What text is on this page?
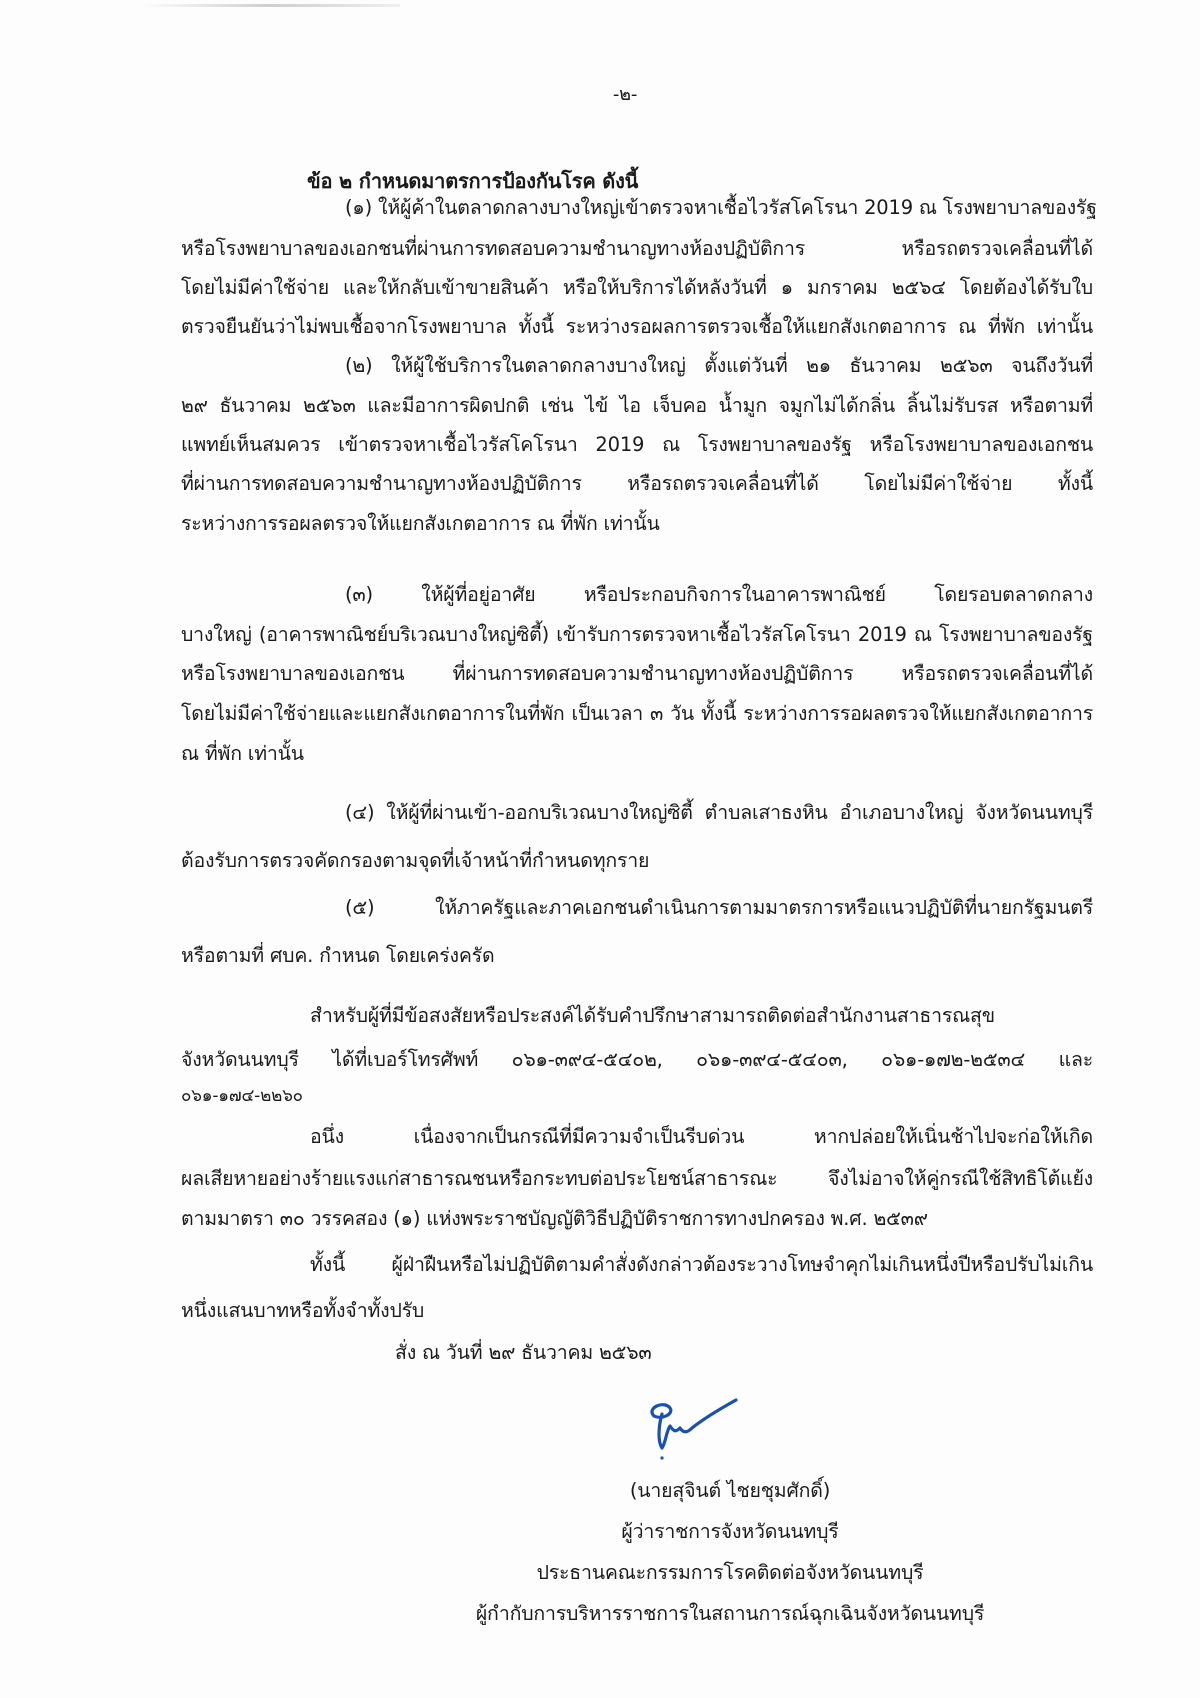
-๒-
ข้อ ๒ กำหนดมาตรการป้องกันโรค ดังนี้
(๑) ให้ผู้ค้าในตลาดกลางบางใหญ่เข้าตรวจหาเชื้อไวรัสโคโรนา 2019 ณ โรงพยาบาลของรัฐ
หรือโรงพยาบาลของเอกชนที่ผ่านการทดสอบความชำนาญทางห้องปฏิบัติการ หรือรถตรวจเคลื่อนที่ได้
โดยไม่มีค่าใช้จ่าย และให้กลับเข้าขายสินค้า หรือให้บริการได้หลังวันที่ ๑ มกราคม ๒๕๖๔ โดยต้องได้รับใบ
ตรวจยืนยันว่าไม่พบเชื้อจากโรงพยาบาล ทั้งนี้ ระหว่างรอผลการตรวจเชื้อให้แยกสังเกตอาการ ณ ที่พัก เท่านั้น
(๒) ให้ผู้ใช้บริการในตลาดกลางบางใหญ่ ตั้งแต่วันที่ ๒๑ ธันวาคม ๒๕๖๓ จนถึงวันที่
๒๙ ธันวาคม ๒๕๖๓ และมีอาการผิดปกติ เช่น ไข้ ไอ เจ็บคอ น้ำมูก จมูกไม่ได้กลิ่น ลิ้นไม่รับรส หรือตามที่
แพทย์เห็นสมควร เข้าตรวจหาเชื้อไวรัสโคโรนา 2019 ณ โรงพยาบาลของรัฐ หรือโรงพยาบาลของเอกชน
ที่ผ่านการทดสอบความชำนาญทางห้องปฏิบัติการ หรือรถตรวจเคลื่อนที่ได้ โดยไม่มีค่าใช้จ่าย ทั้งนี้
ระหว่างการรอผลตรวจให้แยกสังเกตอาการ ณ ที่พัก เท่านั้น
(๓) ให้ผู้ที่อยู่อาศัย หรือประกอบกิจการในอาคารพาณิชย์ โดยรอบตลาดกลาง
บางใหญ่ (อาคารพาณิชย์บริเวณบางใหญ่ซิตี้) เข้ารับการตรวจหาเชื้อไวรัสโคโรนา 2019 ณ โรงพยาบาลของรัฐ
หรือโรงพยาบาลของเอกชน ที่ผ่านการทดสอบความชำนาญทางห้องปฏิบัติการ หรือรถตรวจเคลื่อนที่ได้
โดยไม่มีค่าใช้จ่ายและแยกสังเกตอาการในที่พัก เป็นเวลา ๓ วัน ทั้งนี้ ระหว่างการรอผลตรวจให้แยกสังเกตอาการ
ณ ที่พัก เท่านั้น
(๔) ให้ผู้ที่ผ่านเข้า-ออกบริเวณบางใหญ่ซิตี้ ตำบลเสาธงหิน อำเภอบางใหญ่ จังหวัดนนทบุรี
ต้องรับการตรวจคัดกรองตามจุดที่เจ้าหน้าที่กำหนดทุกราย
(๕) ให้ภาครัฐและภาคเอกชนดำเนินการตามมาตรการหรือแนวปฏิบัติที่นายกรัฐมนตรี
หรือตามที่ ศบค. กำหนด โดยเคร่งครัด
สำหรับผู้ที่มีข้อสงสัยหรือประสงค์ได้รับคำปรึกษาสามารถติดต่อสำนักงานสาธารณสุข
จังหวัดนนทบุรี ได้ที่เบอร์โทรศัพท์ ๐๖๑-๓๙๔-๕๔๐๒, ๐๖๑-๓๙๔-๕๔๐๓, ๐๖๑-๑๗๒-๒๕๓๔ และ
๐๖๑-๑๗๔-๒๒๖๐
อนึ่ง เนื่องจากเป็นกรณีที่มีความจำเป็นรีบด่วน หากปล่อยให้เนิ่นช้าไปจะก่อให้เกิด
ผลเสียหายอย่างร้ายแรงแก่สาธารณชนหรือกระทบต่อประโยชน์สาธารณะ จึงไม่อาจให้คู่กรณีใช้สิทธิโต้แย้ง
ตามมาตรา ๓๐ วรรคสอง (๑) แห่งพระราชบัญญัติวิธีปฏิบัติราชการทางปกครอง พ.ศ. ๒๕๓๙
ทั้งนี้ ผู้ฝ่าฝืนหรือไม่ปฏิบัติตามคำสั่งดังกล่าวต้องระวางโทษจำคุกไม่เกินหนึ่งปีหรือปรับไม่เกิน
หนึ่งแสนบาทหรือทั้งจำทั้งปรับ
สั่ง ณ วันที่ ๒๙ ธันวาคม ๒๕๖๓
(นายสุจินต์ ไชยชุมศักดิ์)
ผู้ว่าราชการจังหวัดนนทบุรี
ประธานคณะกรรมการโรคติดต่อจังหวัดนนทบุรี
ผู้กำกับการบริหารราชการในสถานการณ์ฉุกเฉินจังหวัดนนทบุรี
